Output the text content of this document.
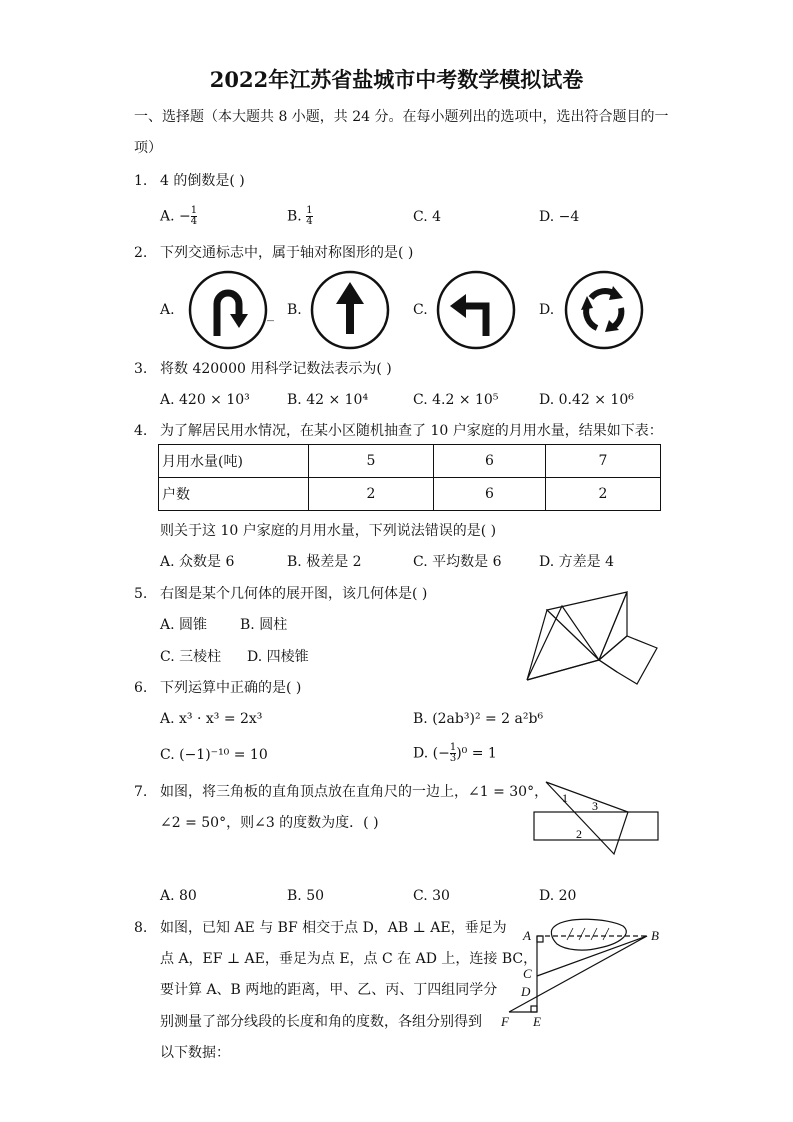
2022年江苏省盐城市中考数学模拟试卷
一、选择题（本大题共 8 小题，共 24 分。在每小题列出的选项中，选出符合题目的一
项）
1. 4 的倒数是( )
A. − $\frac{1}{4}$	B. $\frac{1}{4}$	C. 4	D. −4
2. 下列交通标志中，属于轴对称图形的是( )
A.	_ B.	C.	D.
3. 将数 420000 用科学记数法表示为( )
A. 420 × 10³	B. 42 × 10⁴	C. 4.2 × 10⁵	D. 0.42 × 10⁶
4. 为了解居民用水情况，在某小区随机抽查了 10 户家庭的月用水量，结果如下表：
月用水量(吨)	5	6	7
户数	2	6	2
则关于这 10 户家庭的月用水量，下列说法错误的是( )
A. 众数是 6	B. 极差是 2	C. 平均数是 6	D. 方差是 4
5. 右图是某个几何体的展开图，该几何体是( )
A. 圆锥 B. 圆柱
C. 三棱柱 D. 四棱锥
6. 下列运算中正确的是( )
A. x³ · x³ = 2x³	B. (2ab³)² = 2 a²b⁶
C. (−1)⁻¹⁰ = 10	D. (− $\frac{1}{3} )^0 = 1$
7. 如图，将三角板的直角顶点放在直角尺的一边上，∠1 = 30°，
∠2 = 50°，则∠3 的度数为度．( )
1
3
2
A. 80	B. 50	C. 30	D. 20
8. 如图，已知 AE 与 BF 相交于点 D，AB ⊥ AE，垂足为
点 A，EF ⊥ AE，垂足为点 E，点 C 在 AD 上，连接 BC，
要计算 A、B 两地的距离，甲、乙、丙、丁四组同学分
别测量了部分线段的长度和角的度数，各组分别得到
以下数据：
A	B
C
D
F E
